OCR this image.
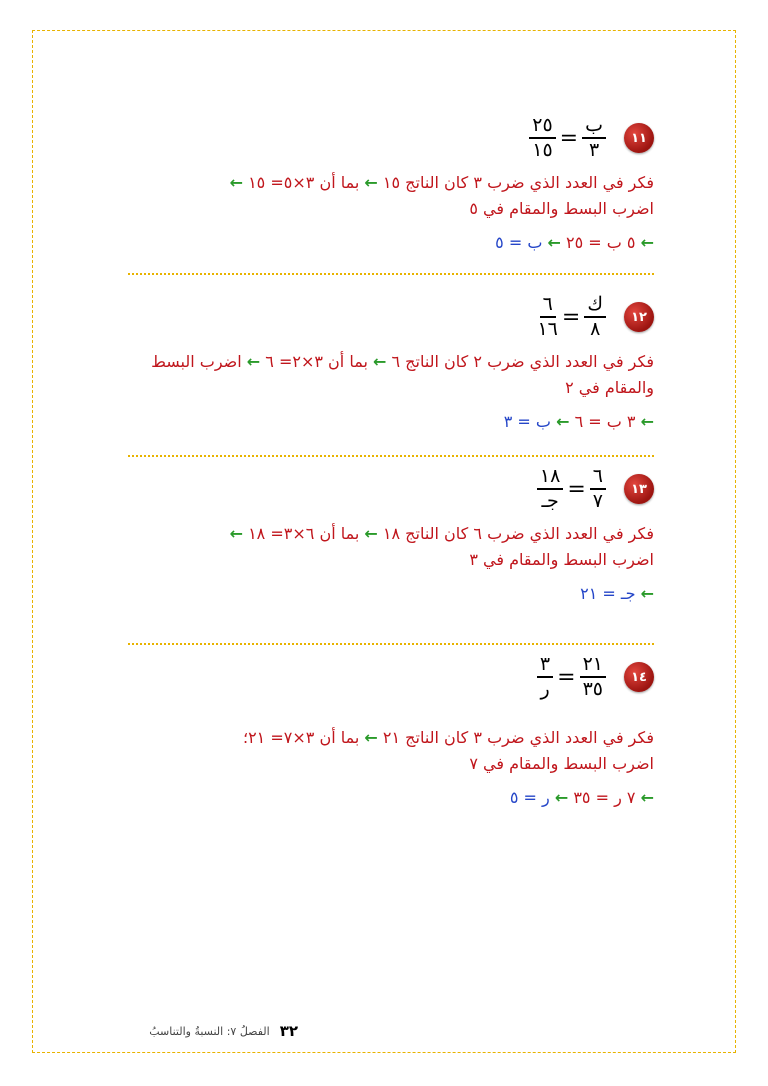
١١
$\frac{\text{ب}}{٣}$
=
$\frac{٢٥}{١٥}$
فكر في العدد الذي ضرب ٣ كان الناتج ١٥ ← بما أن ٣×٥= ١٥ ←
اضرب البسط والمقام في ٥
← ٥ ب = ٢٥ ← ب = ٥
١٢
$\frac{\text{ك}}{٨}$
=
$\frac{٦}{١٦}$
فكر في العدد الذي ضرب ٢ كان الناتج ٦ ← بما أن ٣×٢= ٦ ← اضرب البسط والمقام في ٢
← ٣ ب = ٦ ← ب = ٣
١٣
$\frac{٦}{٧}$
=
$\frac{١٨}{\text{جـ}}$
فكر في العدد الذي ضرب ٦ كان الناتج ١٨ ← بما أن ٦×٣= ١٨ ←
اضرب البسط والمقام في ٣
← جـ = ٢١
١٤
$\frac{٢١}{٣٥}$
=
$\frac{٣}{\text{ر}}$
فكر في العدد الذي ضرب ٣ كان الناتج ٢١ ← بما أن ٣×٧= ٢١؛
اضرب البسط والمقام في ٧
← ٧ ر = ٣٥ ← ر = ٥
٣٢
الفصلُ ٧: النسبةُ والتناسبُ
